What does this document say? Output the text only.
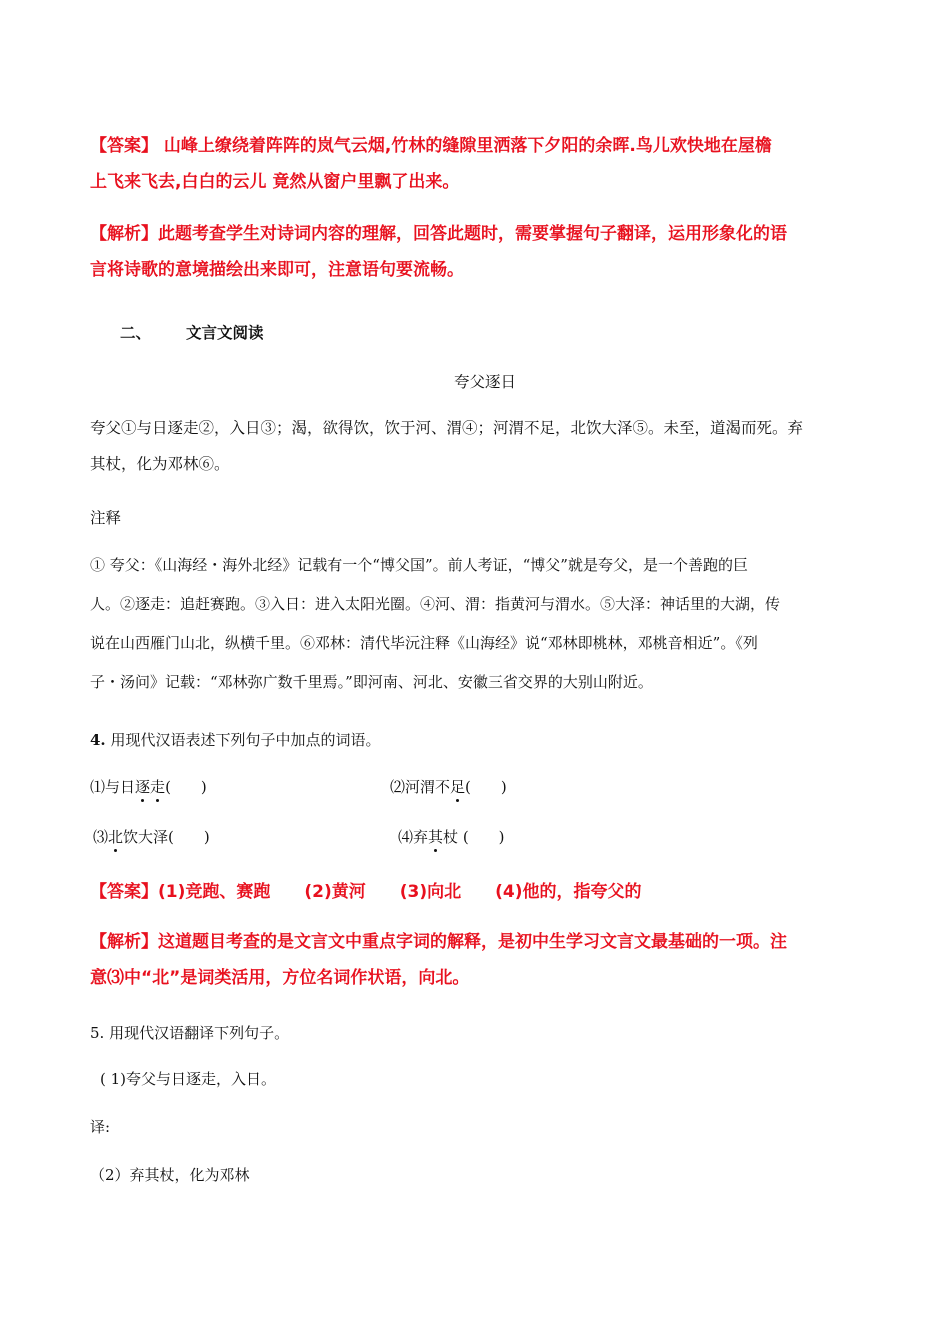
【答案】 山峰上缭绕着阵阵的岚气云烟,竹林的缝隙里洒落下夕阳的余晖.鸟儿欢快地在屋檐
上飞来飞去,白白的云儿 竟然从窗户里飘了出来。
【解析】此题考查学生对诗词内容的理解，回答此题时，需要掌握句子翻译，运用形象化的语
言将诗歌的意境描绘出来即可，注意语句要流畅。
二、 文言文阅读
夸父逐日
夸父①与日逐走②，入日③；渴，欲得饮，饮于河、渭④；河渭不足，北饮大泽⑤。未至，道渴而死。弃
其杖，化为邓林⑥。
注释
① 夸父：《山海经・海外北经》记载有一个“博父国”。前人考证，“博父”就是夸父，是一个善跑的巨
人。②逐走：追赶赛跑。③入日：进入太阳光圈。④河、渭：指黄河与渭水。⑤大泽：神话里的大湖，传
说在山西雁门山北，纵横千里。⑥邓林：清代毕沅注释《山海经》说“邓林即桃林，邓桃音相近”。《列
子・汤问》记载：“邓林弥广数千里焉。”即河南、河北、安徽三省交界的大别山附近。
4. 用现代汉语表述下列句子中加点的词语。
⑴与日逐走(　　)	⑵河渭不足(　　)
⑶北饮大泽(　　)	⑷弃其杖 (　　)
【答案】(1)竞跑、赛跑　　(2)黄河　　(3)向北　　(4)他的，指夸父的
【解析】这道题目考查的是文言文中重点字词的解释，是初中生学习文言文最基础的一项。注
意⑶中“北”是词类活用，方位名词作状语，向北。
5. 用现代汉语翻译下列句子。
( 1)夸父与日逐走，入日。
译:
（2）弃其杖，化为邓林
